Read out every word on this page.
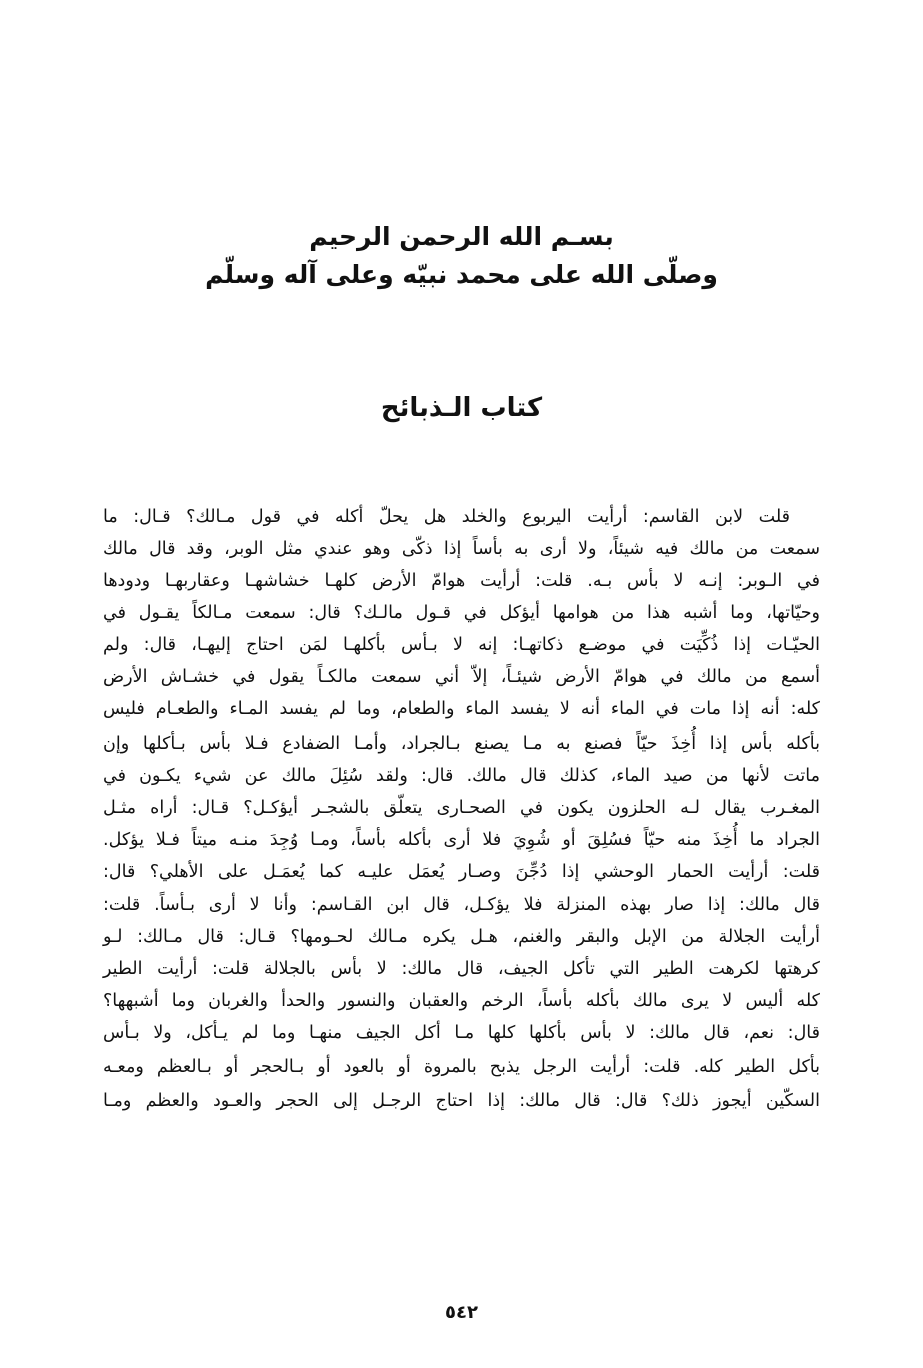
بسـم الله الرحمن الرحيم
وصلّى الله على محمد نبيّه وعلى آله وسلّم
كتاب الـذبائح
قلت لابن القاسم: أرأيت اليربوع والخلد هل يحلّ أكله في قول مـالك؟ قـال: ما
سمعت من مالك فيه شيئاً، ولا أرى به بأساً إذا ذكّى وهو عندي مثل الوبر، وقد قال مالك
في الـوبر: إنـه لا بأس بـه. قلت: أرأيت هوامّ الأرض كلهـا خشاشهـا وعقاربهـا ودودها
وحيّاتها، وما أشبه هذا من هوامها أيؤكل في قـول مالـك؟ قال: سمعت مـالكاً يقـول في
الحيّـات إذا ذُكِّيَت في موضـع ذكاتهـا: إنه لا بـأس بأكلهـا لمَن احتاج إليهـا، قال: ولم
أسمع من مالك في هوامّ الأرض شيئـاً، إلاّ أني سمعت مالكـاً يقول في خشـاش الأرض
كله: أنه إذا مات في الماء أنه لا يفسد الماء والطعام، وما لم يفسد المـاء والطعـام فليس
بأكله بأس إذا أُخِذَ حيّاً فصنع به مـا يصنع بـالجراد، وأمـا الضفادع فـلا بأس بـأكلها وإن
ماتت لأنها من صيد الماء، كذلك قال مالك. قال: ولقد سُئِلَ مالك عن شيء يكـون في
المغـرب يقال لـه الحلزون يكون في الصحـارى يتعلّق بالشجـر أيؤكـل؟ قـال: أراه مثـل
الجراد ما أُخِذَ منه حيّاً فسُلِقَ أو شُوِيَ فلا أرى بأكله بأساً، ومـا وُجِدَ منـه ميتاً فـلا يؤكل.
قلت: أرأيت الحمار الوحشي إذا دُجِّنَ وصـار يُعمَل عليـه كما يُعمَـل على الأهلي؟ قال:
قال مالك: إذا صار بهذه المنزلة فلا يؤكـل، قال ابن القـاسم: وأنا لا أرى بـأساً. قلت:
أرأيت الجلالة من الإبل والبقر والغنم، هـل يكره مـالك لحـومها؟ قـال: قال مـالك: لـو
كرهتها لكرهت الطير التي تأكل الجيف، قال مالك: لا بأس بالجلالة قلت: أرأيت الطير
كله أليس لا يرى مالك بأكله بأساً، الرخم والعقبان والنسور والحدأ والغربان وما أشبهها؟
قال: نعم، قال مالك: لا بأس بأكلها كلها مـا أكل الجيف منهـا وما لم يـأكل، ولا بـأس
بأكل الطير كله. قلت: أرأيت الرجل يذبح بالمروة أو بالعود أو بـالحجر أو بـالعظم ومعـه
السكّين أيجوز ذلك؟ قال: قال مالك: إذا احتاج الرجـل إلى الحجر والعـود والعظم ومـا
٥٤٢
